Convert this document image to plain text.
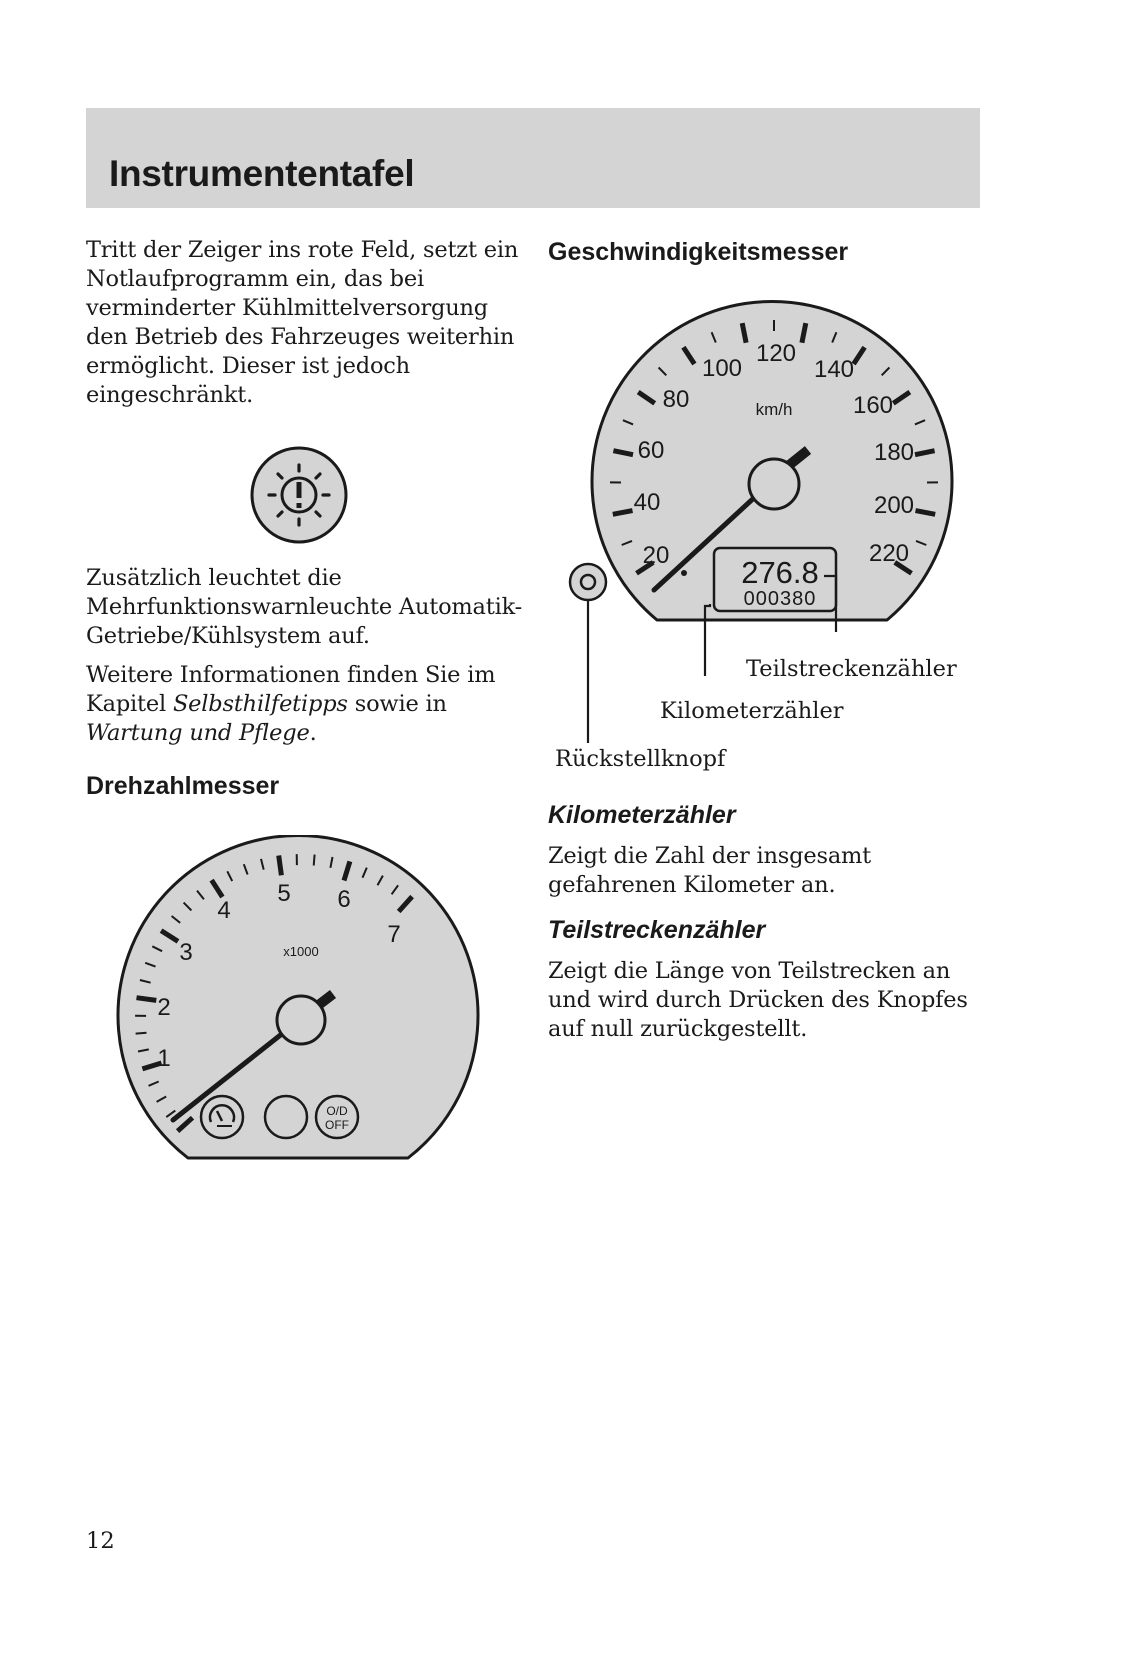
Instrumententafel

Tritt der Zeiger ins rote Feld, setzt ein Notlaufprogramm ein, das bei verminderter Kühlmittelversorgung den Betrieb des Fahrzeuges weiterhin ermöglicht. Dieser ist jedoch eingeschränkt.

Zusätzlich leuchtet die Mehrfunktionswarnleuchte Automatik-Getriebe/Kühlsystem auf.

Weitere Informationen finden Sie im Kapitel Selbsthilfetipps sowie in Wartung und Pflege.

Drehzahlmesser
1
2
3
4
5 6
7
x1000
O/D
OFF
Geschwindigkeitsmesser
20
40
60
80
100
120
140
160
180
200
220
km/h
276.8
000380
Teilstreckenzähler
Kilometerzähler
Rückstellknopf
Kilometerzähler

Zeigt die Zahl der insgesamt gefahrenen Kilometer an.

Teilstreckenzähler

Zeigt die Länge von Teilstrecken an und wird durch Drücken des Knopfes auf null zurückgestellt.

12
